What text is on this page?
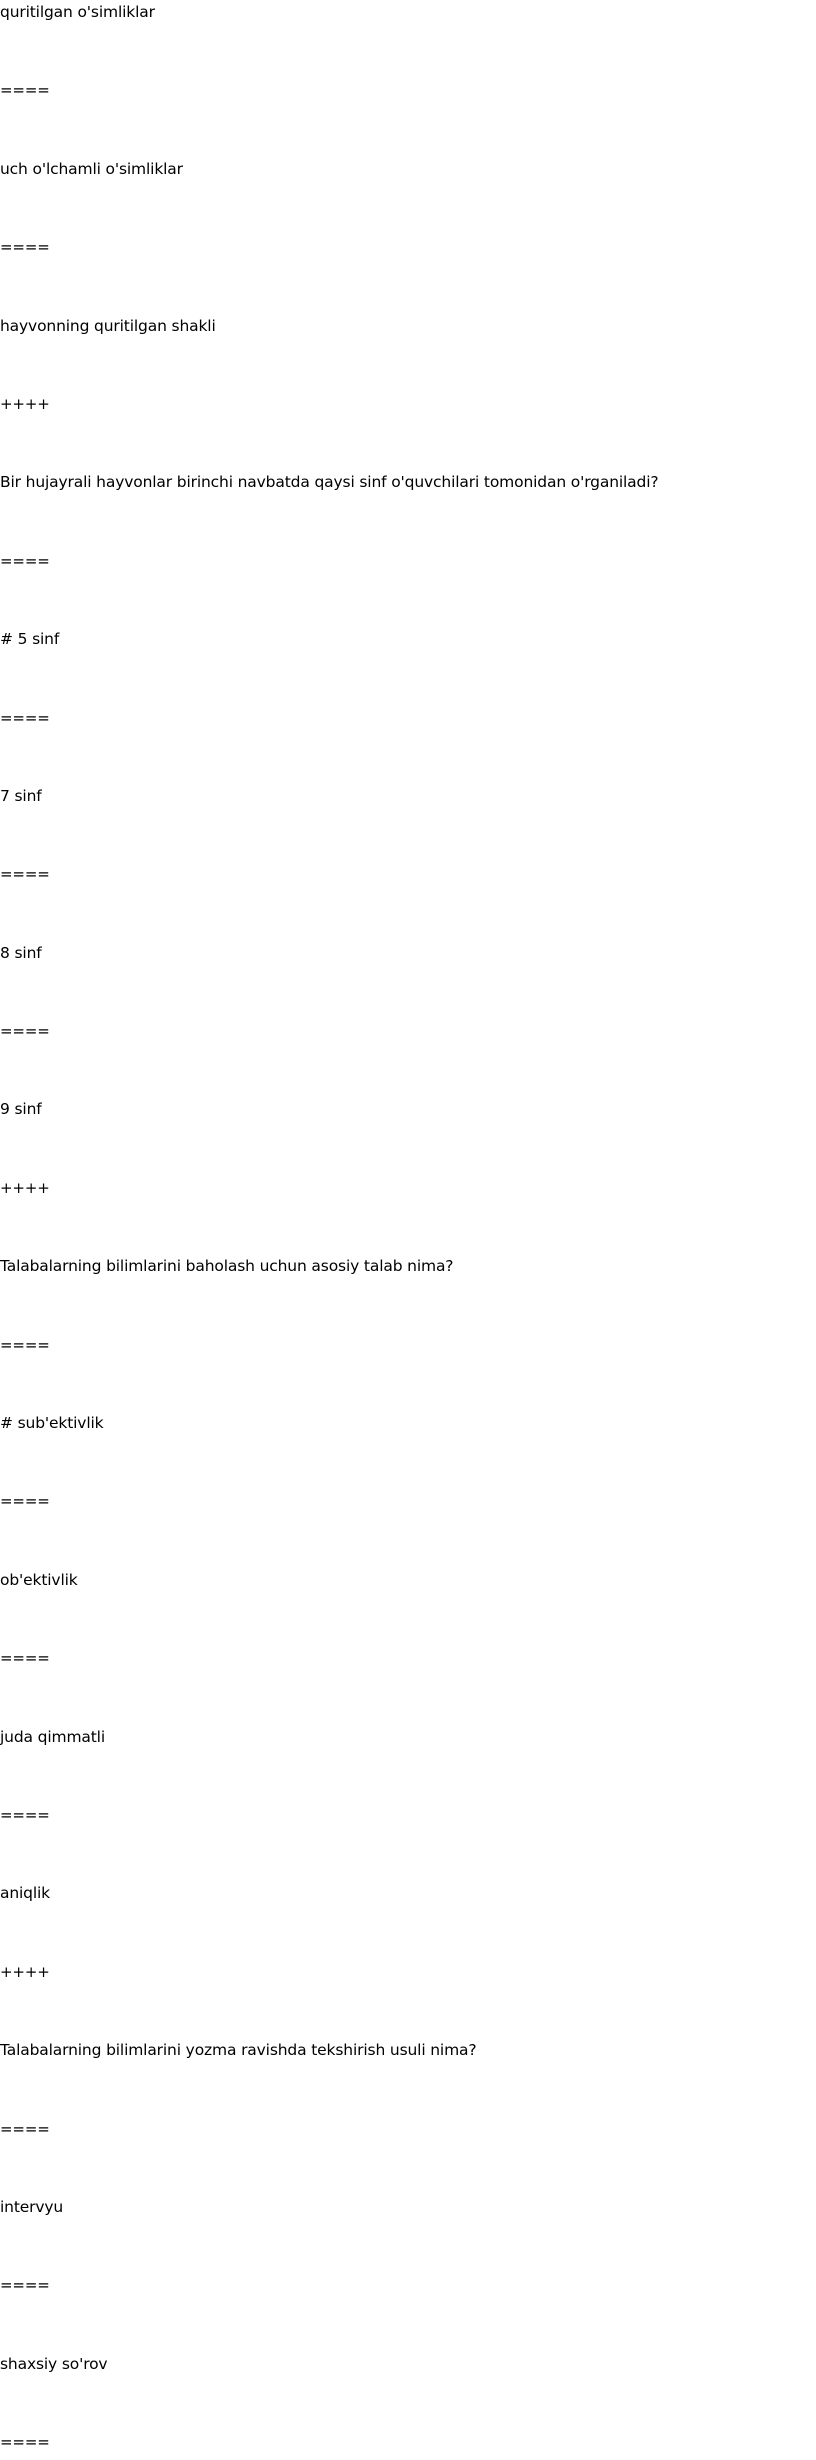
quritilgan o'simliklar

====

uch o'lchamli o'simliklar

====

hayvonning quritilgan shakli

++++

Bir hujayrali hayvonlar birinchi navbatda qaysi sinf o'quvchilari tomonidan o'rganiladi?

====

# 5 sinf

====

7 sinf

====

8 sinf

====

9 sinf

++++

Talabalarning bilimlarini baholash uchun asosiy talab nima?

====

# sub'ektivlik

====

ob'ektivlik

====

juda qimmatli

====

aniqlik

++++

Talabalarning bilimlarini yozma ravishda tekshirish usuli nima?

====

intervyu

====

shaxsiy so'rov

====
